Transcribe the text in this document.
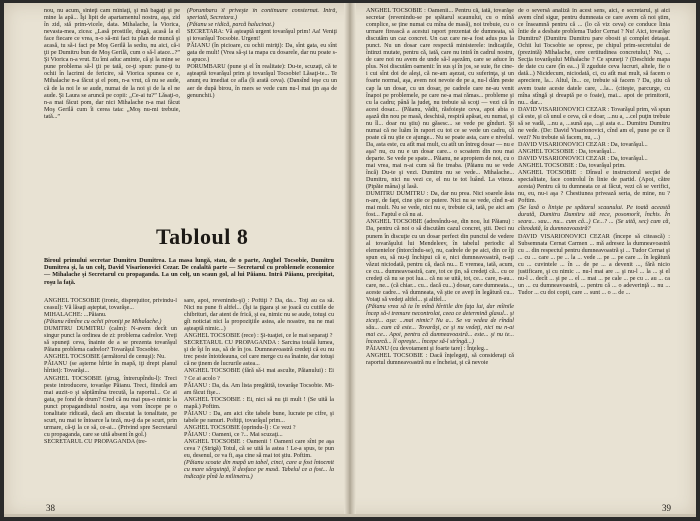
nou, nu acum, sînteţi cam mîniaţi, şi mă bagaţi şi pe mine la apă... Îşi lipit de apartamentul nostru, aşa, zid în zid, stă prim-vicele, data. Mihalache, la Viorica, nevasta-mea, zicea: „Lasă prostiile, dragă, acasă la el face fiecare ce vrea, n-o să-mi faci tu plan de muncă şi acasă, tu să-i faci pe Moş Gerilă la sediu, nu aici, că-i ţii pe Dumitru bun de Moş Gerilă, cum o să-l atace...?” Şi Viorica n-a vrut. Eu îmi aduc aminte, că şi la mine se pune problema să-l ţii pe tată, ce-ţi spun: pune-ţi tu ochii în lacrimi de fericire, să Viorica spunea ce e, Mihalache n-a făcut şi el pom, n-a vrut, că nu se aude, că de la noi le se aude, numai de la noi şi de la el ne aude. Şi Laura se aruncă pe copii: „Ce-ai tu?” Lăsaţi-o, n-a mai făcut pom, dar nici Mihalache n-a mai făcut Moş Gerilă cum îi cerea tata: „Moş nu-mi trebuie, tată...”

(Porumbaru îl priveşte în continuare consternat. Intră, speriată, Secretara.)

(Păianu se ridică, parcă halucinat.)

SECRETARA: Vă aşteaptă urgent tovarăşul prim! Aa! Veniţi şi tovarăşul Tocsobie. Urgent!

PĂIANU (în picioare, cu ochii miriţi): Da, sînt gata, eu sînt gata de mult! (Vrea să-şi ia mapa cu dosarele, dar nu poate s-o apuce.)

PORUMBARU (pune şi el în realitate): Du-te, scuzaţi, că te aşteaptă tovarăşul prim şi tovarăşul Tocsobie! Lăsaţi-te... Te anunţ eu imediat ce afla (îi arată ceva). (Dansînd ieşe cu un aer de după birou, în mers se vede cum nu-l mai ţin aşa de genunchii.)

Tabloul 8
Biroul primului secretar Dumitru Dumitrea. La masa lungă, stau, de o parte, Anghel Tocsobie, Dumitru Dumitrea şi, la un colţ, David Visarionovici Cezar. De cealaltă parte — Secretarul cu problemele economice — Mihalache şi Secretarul cu propaganda. La un colţ, un scaun gol, al lui Păianu. Intră Păianu, precipitat, roşu la faţă.

ANGHEL TOCSOBIE (ironic, dispreţuitor, privindu-l ceasul): Vă lăsaţi aşteptat, tovarăşe...

MIHALACHE: ...Păianu.

(Păianu rămîne cu ochii pironiţi pe Mihalache.)

DUMITRU DUMITRU (calm): N-avem decît un singur punct la ordinea de zi: problema cadrelor. Vreţi să spuneţi ceva, înainte de a se prezenta tovarăşul Păianu problema cadrelor? Tovarăşul Tocsobie.

ANGHEL TOCSOBIE (armătorul de cenuşi): Nu.

PĂIANU (se aşterne hîrtie în mapă, iţi drept planul hîrtiei): Tovarăşi...

ANGHEL TOCSOBIE (ştrug, întrerupîndu-l): Treci peste introducere, tovarăşe Păianu. Treci, fiindcă am mai auzit-o şi săptămîna trecută, la raportul... Ce ai gata, pe fond de drum? Cred că nu mai pus-o nimic la punct propagandistul nostru, aşa vom începe pe o tonalitate ridicată, dacă am discutat la tonalitate, pe scurt, nu mai te întoarce la teză, nu-ţi da pe scurt, prin urmare, că-ţi la ce să, ce-ai... (Privind spre Secretarul cu propaganda, care se uită absent în gol.)

SECRETARUL CU PROPAGANDA (tre-

sare, apoi, revenindu-şi) : Poftiţi ? Da, da... Toţi au ca să. Nici nu pune fi altfel... (Îşi ia ţigara şi se joacă cu cutiile de chibrituri, dar atent de frică, şi ea, nimic nu se aude, totuşi cu gît noticiat nici la propoziţiile astea, ale noastre, nu ne mai aşteaptă nimic...)

ANGHEL TOCSOBIE (rece) : Şi-tuaţiei, ce le mai separaţi ?

SECRETARUL CU PROPAGANDA : Sarcina totală lumea, şi de îşi în sus, să de în jos. Dumneavoastră credeţi că eu nu trec peste întotdeauna, cel care merge cu ea înainte, dar totuşi că ne ţinem de lucrurile astea...

ANGHEL TOCSOBIE (fără să-i mai asculte, Păianului) : Ei ? Ce ai acolo ?

PĂIANU : Da, da. Am lista pregătită, tovarăşe Tocsobie. Mi-am făcut fişe...

ANGHEL TOCSOBIE : Ei, nici să nu ţii mult ! (Se uită la mapă.) Poftim.

PĂIANU : Da, am aici cîte tabele bune, lucrate pe cifre, şi tabele pe ramuri. Poftiţi, tovarăşul prim...

ANGHEL TOCSOBIE (oprindu-l) : Ce vezi ?

PĂIANU : Oameni, ce ?... Mai scuzaţi...

ANGHEL TOCSOBIE : Oamenii ! Oameni care sînt pe aşa ceva ? (Strigă) Totul, că se uită la astea ! Le-a spus, te pun eu, desenul, ce va fi, aşa cine să mai tot ştiu. Poftim.

(Păianu scoate din mapă un tabel, cinci, care a fost întocmit cu mare sârguinţă, îl desface pe masă. Tabelul ce a fost... la indicaţie pînă la milimetru.)

38

ANGHEL TOCSOBIE : Oamenii... Pentru că, iată, tovarăşe secretar (revenindu-se pe spătarul scaunului, cu o mînă complice, se ţine numai cu mîna de masă), noi trebuie, cu o urmare firească a acestui raport prezentat de dumneata, să discutăm un caz concret. Un caz care ne-a fost adus pus la punct. Nu un dosar care respectă ministerele: indicaţiile, întinzi mutate, pentru că, iată, care nu intră în cadrul nostru, de care noi nu avem de unde să-l aşezăm, care se aduce în plus. Noi discutăm oamenii: în sus şi în jos, se suie, fie cine-i cui sînt doi de aleşi, că ne-am aşezat, cu suferinţa, şi un foarte normal, aşa, avem noi nevoie de pe a, nu-l dăm peste cap la un dosar, cu un dosar, pe cadrele care ne-au venit înapoi pe problemele, pe care ne-a mai rămas... probleme şi cu la cadru; până la judeţ, nu trebuie să scoţi — vezi că în acest dosar... (Păianu, vădit, răsfoieşte ceva, apoi abia o aşază din nou pe masă, deschisă, respiră apăsat, eu numai, şi nu îl... doar nu ştiu) nu găsesc... se vede pe gînduri. Şi numai că ne luăm în raport cu tot ce se vede un cadru, că poate că nu ştie ce ajunge... Nu se poate asta, care e nivelul. Da, asta este, cu atît mai mult, cu atît un întreg dosar — nu e aşa? nu, cu nu e un dosar care... o scoatem din nou mai departe. Se vede pe spate... Păianu, ne apropiem de noi, cu o mai vrea, mai n-ai cum să fie treaba. (Păianu nu se vede încă) Du-te şi vezi. Dumitru nu se vede... Mihalache... Dumitru, nici nu vezi ce, el nu te tot luând. La viteza. (Pipăie mâna) şi lasă.

DUMITRU DUMITRU : Da, dar nu prea. Nici soarele ăsta n-are, de fapt, cine ştie ce putere. Nici nu se vede, cînd n-ai mai mult. Nu se vede, nici nu e, trebuie că, iată, pe aici am fost... Faptul e că nu ai.

ANGHEL TOCSOBIE (adresîndu-se, din nou, lui Păianu) : Da, pentru că noi o să discutăm cazul concret, ştii. Deci nu punem în discuţie cu un dosar perfect din punctul de vedere al tovarăşului lui Mendeleev, în tabelul periodic al elementelor (întorcîndu-se), nu, cadrele de pe aici, din ce îţi spun eu, să nu-ţi închipui că e, nici dumneavoastră, n-aţi văzut niciodată, pentru că, dacă nu... E vremea, iată, acum, ce cu... dumneavoastră, care, tot ce ţin, să credeţi că... cu ce credeţi că nu se pot lua... că nu se uită, tot, ce... care, n-au... care, ne... (că chiar... cu... dacă cu...) dosar, care dumneata..., aceste cadre... vă dumneata, vă ştie ce aveţi în legătură cu... Voiaţi să vedeţi altfel... şi altfel...

(Păianu vrea să ia în mînă hîrtiile din faţa lui, dar mîinile încep să-i tremure necontrolat, ceea ce determină glasul... şi ziceţi... aşa: ...mai nimic? Nu a... Se va vedea de rîndul său... cum că este... Tovarăşi, ce şi nu vedeţi, nici nu n-ai mai ce... Apoi, pentru că dumneavoastră... este... şi nu te... încearcă... îl opreşte... începe să-l strîngă...)

PĂIANU (cu devotament şi foarte tare) : Înţeleg...

ANGHEL TOCSOBIE : Dacă înţelegeţi, să consideraţi că raportul dumneavoastră nu e încheiat, şi că nevoie

de o seversă analiză în acest sens, aici, e secretarul, şi aici avem cînd sigur, pentru dumneata ce care avem că noi ştim, ce înseamnă pentru că ... (lo că viz ceva) ce conduce linia întie de a desbate problema Tudor Cernat ? Nu! Aici, tovarăşe Dumitru? (Dumitru Dumitru pare obosit şi complet detaşat. Ochii lui Tocsobie se opresc, pe chipul prim-secretului de (prezintă) Mihalache, cere certitudinea concretului,! Nu, ... Secţia tovarăşului Mihalache ? Ce spuneţi ? (Deschide mapa de date cu care (în ea...) îl zguduie ceva lucruri, altele, fie o dată...) Nicidecum, niciodată, ci, cu atît mai mult, să facem o apreciere, la... Altul, în... ce, trebuie să facem ? Da, ştiu că avem toate aceste datele care, ...la... (citeşte, parcurge, cu mîna stîngă şi dreaptă pe o foaie), mai... apoi de primitorii, nu... dar...

DAVID VISARIONOVICI CEZAR : Tovarăşul prim, vă spun că este, şi că unul e ceva, că e doar, ...nu a, ...cel puţin trebuie să se vadă, ...nu a, ...sună aşa, ...şi asta e... Dumitru Dumitru ne vede. (De: David Visarionovici, cînd am el, pune pe ce îl vezi? Nu trebuie să facem, nu, ...)

DAVID VISARIONOVICI CEZAR : Da, tovarăşul...

ANGHEL TOCSOBIE : Da, tovarăşul...

DAVID VISARIONOVICI CEZAR : Da, tovarăşul...

ANGHEL TOCSOBIE : Da, tovarăşul prim.

ANGHEL TOCSOBIE : Dînsul e instructorul secţiei de specialitate, face controlul în linie de partid. (Apoi, către acesta) Pentru că tu dumneata ce ai făcut, vezi că se verifici, nu, eu, nu-i aşa ? Chestiunea privează seria, de mine, nu ? Poftim.

(Se lasă o linişte pe spătarul scaunului. Pe toată această durată, Dumitru Dumitru stă rece, posomorît, închis. În seara... sau... nu... cum că...) Ce...? ... (Se uită, sec) cum că, cîteodată, la dumneavoastră?

DAVID VISARIONOVICI CEZAR (începe să citească) : Subsemnata Cernat Carmen ... mă adresez la dumneavoastră cu ... din respectul pentru dumneavoastră şi ... Tudor Cernat şi ... cu ... care ... pe ... la ... vede ... pe ... pe care ... în legătură cu ... cuvintele ... în ... de pe ... a devenit ..., fără nicio justificare, şi cu nimic ... nu-l mai are ... şi nu-l ... la ... şi el nu-l ... decît ... şi pe ... el ... mai ... pe cale ... pe cu ... au ... ca un ... cu dumneavoastră, ... pentru că ... o adeverinţă ... nu ... Tudor ... cu doi copii, care ... sunt ... o ... de ...

39
